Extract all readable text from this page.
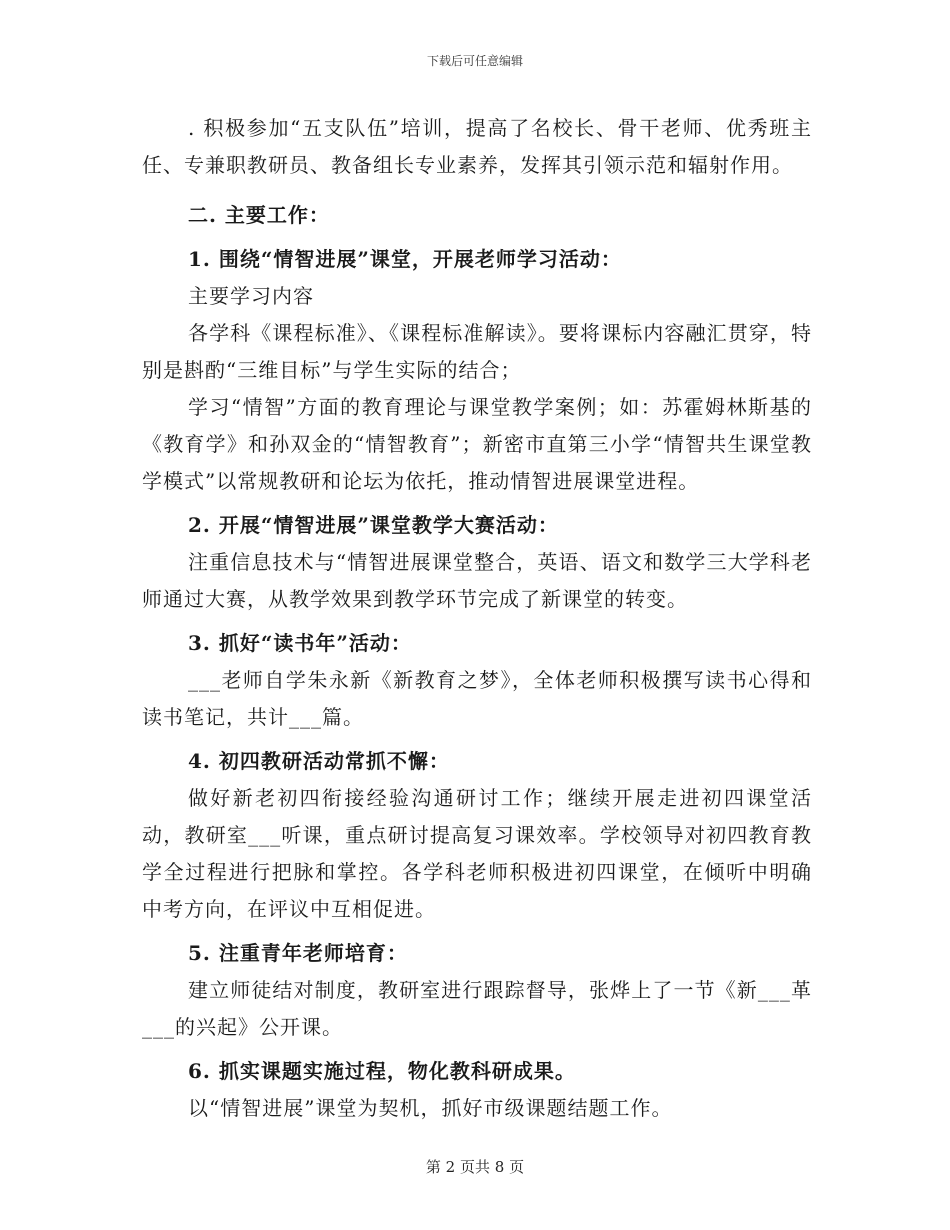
下载后可任意编辑

. 积极参加“五支队伍”培训，提高了名校长、骨干老师、优秀班主任、专兼职教研员、教备组长专业素养，发挥其引领示范和辐射作用。

二. 主要工作：

1. 围绕“情智进展”课堂，开展老师学习活动：

主要学习内容

各学科《课程标准》、《课程标准解读》。要将课标内容融汇贯穿，特别是斟酌“三维目标”与学生实际的结合；

学习“情智”方面的教育理论与课堂教学案例；如：苏霍姆林斯基的《教育学》和孙双金的“情智教育”；新密市直第三小学“情智共生课堂教学模式”以常规教研和论坛为依托，推动情智进展课堂进程。

2. 开展“情智进展”课堂教学大赛活动：

注重信息技术与“情智进展课堂整合，英语、语文和数学三大学科老师通过大赛，从教学效果到教学环节完成了新课堂的转变。

3. 抓好“读书年”活动：

___老师自学朱永新《新教育之梦》，全体老师积极撰写读书心得和读书笔记，共计___篇。

4. 初四教研活动常抓不懈：

做好新老初四衔接经验沟通研讨工作；继续开展走进初四课堂活动，教研室___听课，重点研讨提高复习课效率。学校领导对初四教育教学全过程进行把脉和掌控。各学科老师积极进初四课堂，在倾听中明确中考方向，在评议中互相促进。

5. 注重青年老师培育：

建立师徒结对制度，教研室进行跟踪督导，张烨上了一节《新___革___的兴起》公开课。

6. 抓实课题实施过程，物化教科研成果。

以“情智进展”课堂为契机，抓好市级课题结题工作。

第 2 页共 8 页
